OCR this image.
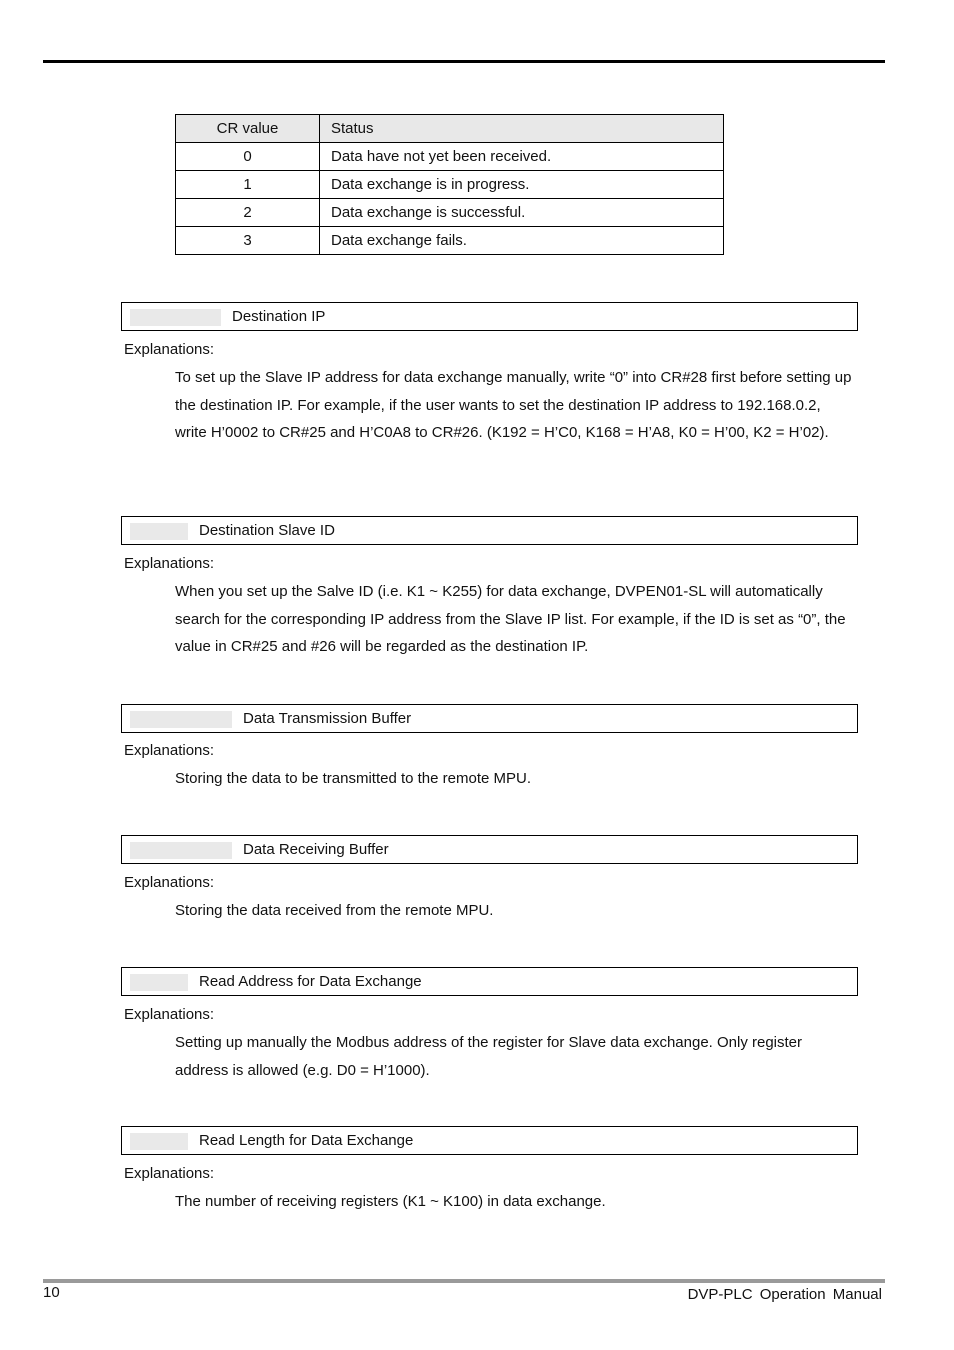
CR value	Status
0	Data have not yet been received.
1	Data exchange is in progress.
2	Data exchange is successful.
3	Data exchange fails.
Destination IP
Explanations:
To set up the Slave IP address for data exchange manually, write “0” into CR#28 first before setting up the destination IP. For example, if the user wants to set the destination IP address to 192.168.0.2, write H’0002 to CR#25 and H’C0A8 to CR#26. (K192 = H’C0, K168 = H’A8, K0 = H’00, K2 = H’02).
Destination Slave ID
Explanations:
When you set up the Salve ID (i.e. K1 ~ K255) for data exchange, DVPEN01-SL will automatically search for the corresponding IP address from the Slave IP list. For example, if the ID is set as “0”, the value in CR#25 and #26 will be regarded as the destination IP.
Data Transmission Buffer
Explanations:
Storing the data to be transmitted to the remote MPU.
Data Receiving Buffer
Explanations:
Storing the data received from the remote MPU.
Read Address for Data Exchange
Explanations:
Setting up manually the Modbus address of the register for Slave data exchange. Only register address is allowed (e.g. D0 = H’1000).
Read Length for Data Exchange
Explanations:
The number of receiving registers (K1 ~ K100) in data exchange.
10	DVP-PLC Operation Manual
